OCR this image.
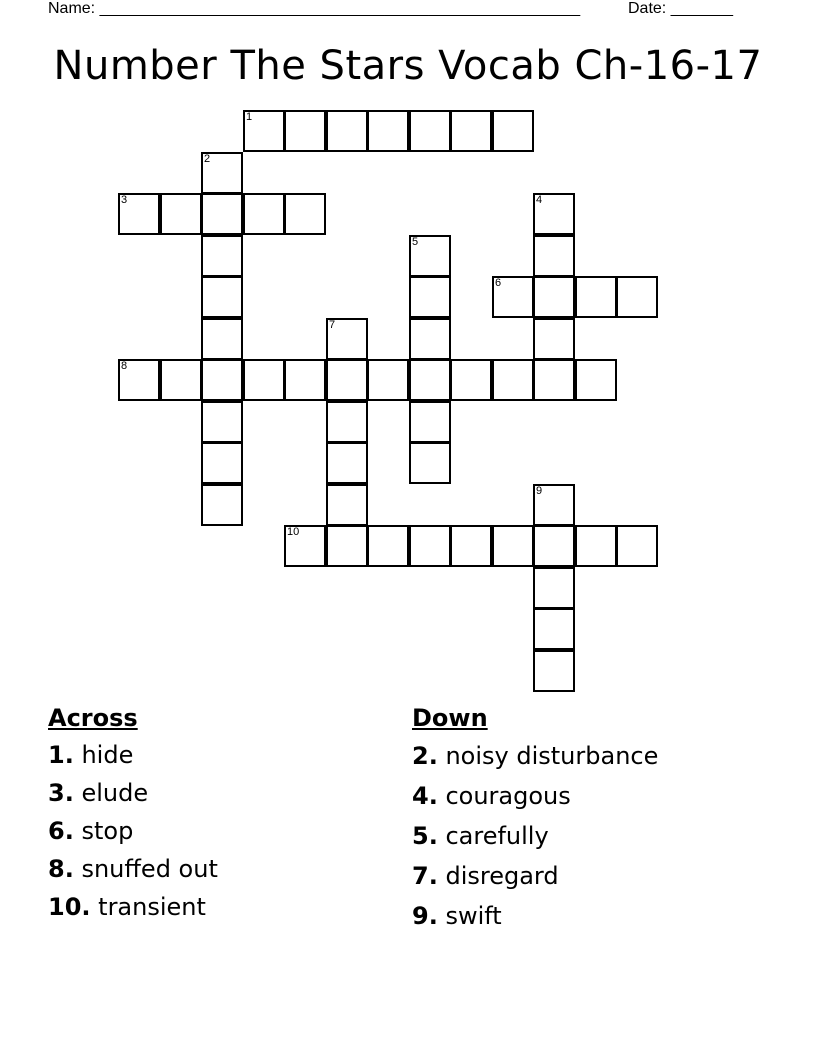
Name: ______________________________________________________	Date: _______
Number The Stars Vocab Ch-16-17
1
2
3	4
5
6
7
8
9
10
Across
1. hide
3. elude
6. stop
8. snuffed out
10. transient
Down
2. noisy disturbance
4. couragous
5. carefully
7. disregard
9. swift
